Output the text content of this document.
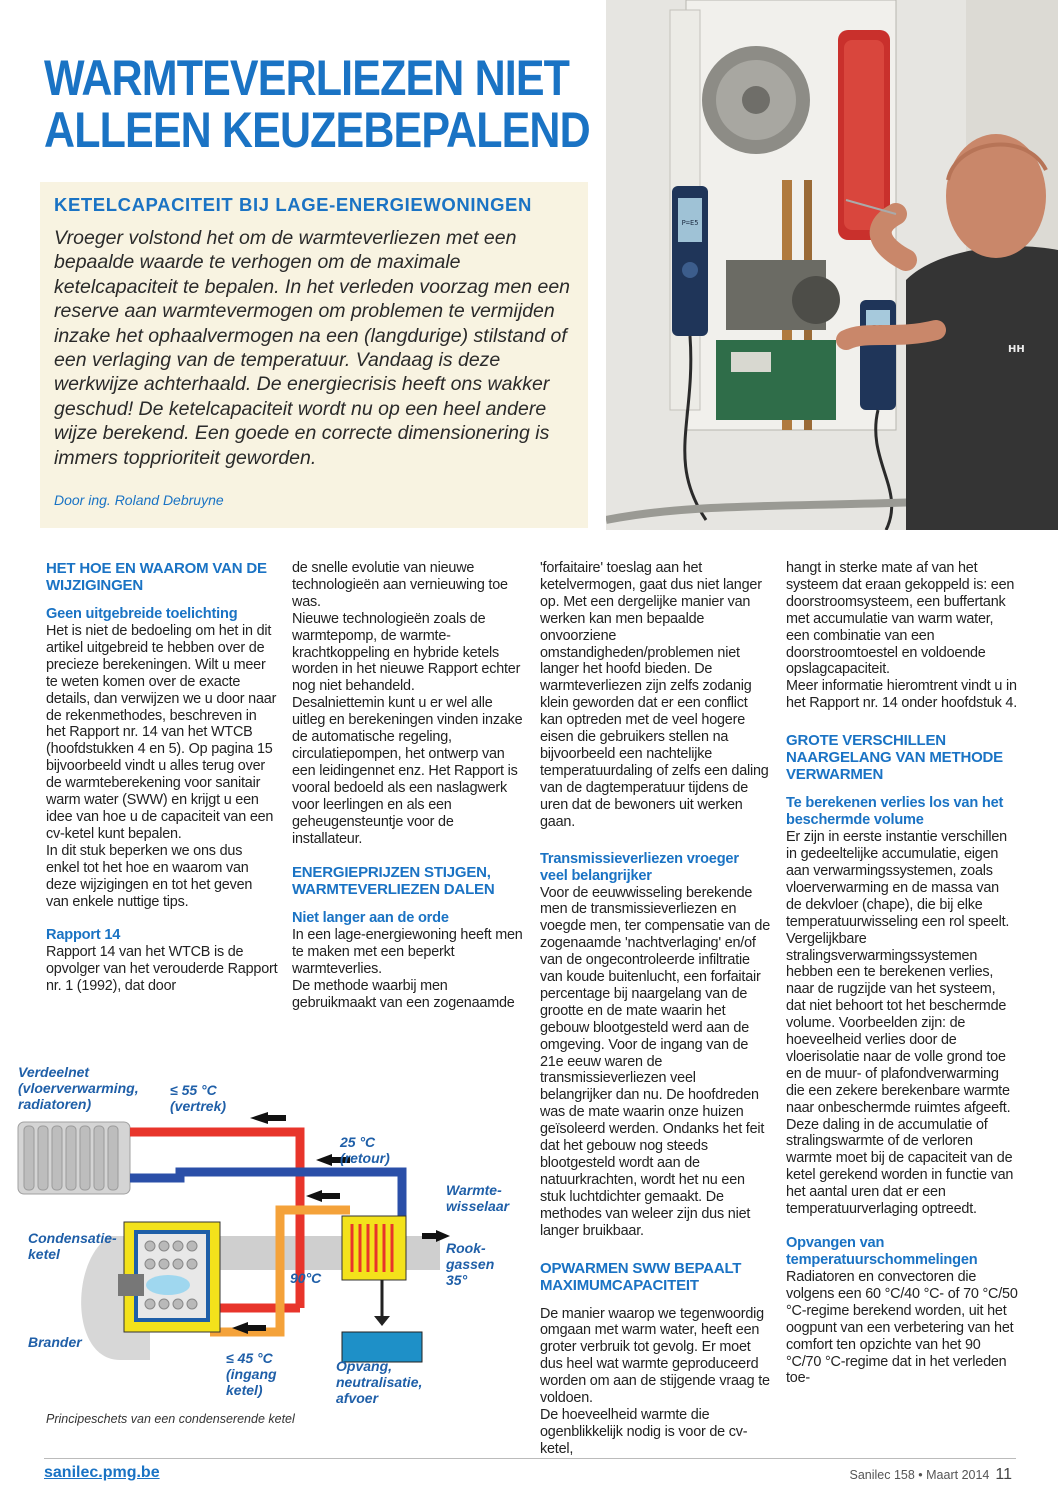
WARMTEVERLIEZEN NIET
ALLEEN KEUZEBEPALEND
KETELCAPACITEIT BIJ LAGE-ENERGIEWONINGEN
Vroeger volstond het om de warmteverliezen met een bepaalde waarde te verhogen om de maximale ketelcapaciteit te bepalen. In het verleden voorzag men een reserve aan warmtevermogen om problemen te vermijden inzake het ophaalvermogen na een (langdurige) stilstand of een verlaging van de temperatuur. Vandaag is deze werkwijze achterhaald. De energiecrisis heeft ons wakker geschud! De ketelcapaciteit wordt nu op een heel andere wijze berekend. Een goede en correcte dimensionering is immers topprioriteit geworden.
Door ing. Roland Debruyne
P=E5
27
HH
HET HOE EN WAAROM VAN DE WIJZIGINGEN
Geen uitgebreide toelichting

Het is niet de bedoeling om het in dit artikel uitgebreid te hebben over de precieze berekeningen. Wilt u meer te weten komen over de exacte details, dan verwijzen we u door naar de rekenmethodes, beschreven in het Rapport nr. 14 van het WTCB (hoofdstukken 4 en 5). Op pagina 15 bijvoorbeeld vindt u alles terug over de warmteberekening voor sanitair warm water (SWW) en krijgt u een idee van hoe u de capaciteit van een cv-ketel kunt bepalen.

In dit stuk beperken we ons dus enkel tot het hoe en waarom van deze wijzigingen en tot het geven van enkele nuttige tips.

Rapport 14

Rapport 14 van het WTCB is de opvolger van het verouderde Rapport nr. 1 (1992), dat door

de snelle evolutie van nieuwe technologieën aan vernieuwing toe was.

Nieuwe technologieën zoals de warmtepomp, de warmte-krachtkoppeling en hybride ketels worden in het nieuwe Rapport echter nog niet behandeld.

Desalniettemin kunt u er wel alle uitleg en berekeningen vinden inzake de automatische regeling, circulatiepompen, het ontwerp van een leidingennet enz. Het Rapport is vooral bedoeld als een naslagwerk voor leerlingen en als een geheugensteuntje voor de installateur.

ENERGIEPRIJZEN STIJGEN, WARMTEVERLIEZEN DALEN
Niet langer aan de orde

In een lage-energiewoning heeft men te maken met een beperkt warmteverlies.

De methode waarbij men gebruikmaakt van een zogenaamde

'forfaitaire' toeslag aan het ketelvermogen, gaat dus niet langer op. Met een dergelijke manier van werken kan men bepaalde onvoorziene omstandigheden/problemen niet langer het hoofd bieden. De warmteverliezen zijn zelfs zodanig klein geworden dat er een conflict kan optreden met de veel hogere eisen die gebruikers stellen na bijvoorbeeld een nachtelijke temperatuurdaling of zelfs een daling van de dagtemperatuur tijdens de uren dat de bewoners uit werken gaan.

Transmissieverliezen vroeger veel belangrijker

Voor de eeuwwisseling berekende men de transmissieverliezen en voegde men, ter compensatie van de zogenaamde 'nachtverlaging' en/of van de ongecontroleerde infiltratie van koude buitenlucht, een forfaitair percentage bij naargelang van de grootte en de mate waarin het gebouw blootgesteld werd aan de omgeving. Voor de ingang van de 21e eeuw waren de transmissieverliezen veel belangrijker dan nu. De hoofdreden was de mate waarin onze huizen geïsoleerd werden. Ondanks het feit dat het gebouw nog steeds blootgesteld wordt aan de natuurkrachten, wordt het nu een stuk luchtdichter gemaakt. De methodes van weleer zijn dus niet langer bruikbaar.

OPWARMEN SWW BEPAALT MAXIMUMCAPACITEIT

De manier waarop we tegenwoordig omgaan met warm water, heeft een groter verbruik tot gevolg. Er moet dus heel wat warmte geproduceerd worden om aan de stijgende vraag te voldoen.

De hoeveelheid warmte die ogenblikkelijk nodig is voor de cv-ketel,

hangt in sterke mate af van het systeem dat eraan gekoppeld is: een doorstroomsysteem, een buffertank met accumulatie van warm water, een combinatie van een doorstroomtoestel en voldoende opslagcapaciteit.

Meer informatie hieromtrent vindt u in het Rapport nr. 14 onder hoofdstuk 4.

GROTE VERSCHILLEN NAARGELANG VAN METHODE VERWARMEN
Te berekenen verlies los van het beschermde volume

Er zijn in eerste instantie verschillen in gedeeltelijke accumulatie, eigen aan verwarmingssystemen, zoals vloerverwarming en de massa van de dekvloer (chape), die bij elke temperatuurwisseling een rol speelt.

Vergelijkbare stralingsverwarmingssystemen hebben een te berekenen verlies, naar de rugzijde van het systeem, dat niet behoort tot het beschermde volume. Voorbeelden zijn: de hoeveelheid verlies door de vloerisolatie naar de volle grond toe en de muur- of plafondverwarming die een zekere berekenbare warmte naar onbeschermde ruimtes afgeeft. Deze daling in de accumulatie of stralingswarmte of de verloren warmte moet bij de capaciteit van de ketel gerekend worden in functie van het aantal uren dat er een temperatuurverlaging optreedt.

Opvangen van temperatuurschommelingen

Radiatoren en convectoren die volgens een 60 °C/40 °C- of 70 °C/50 °C-regime berekend worden, uit het oogpunt van een verbetering van het comfort ten opzichte van het 90 °C/70 °C-regime dat in het verleden toe-

Verdeelnet (vloerverwarming, radiatoren)
≤ 55 °C (vertrek)
25 °C (retour)
Warmte-wisselaar
Condensatie-ketel	Rook-gassen 35°
90°C
Brander
≤ 45 °C (ingang ketel)
Opvang, neutralisatie, afvoer
Principeschets van een condenserende ketel
sanilec.pmg.be	Sanilec 158 • Maart 2014 11
